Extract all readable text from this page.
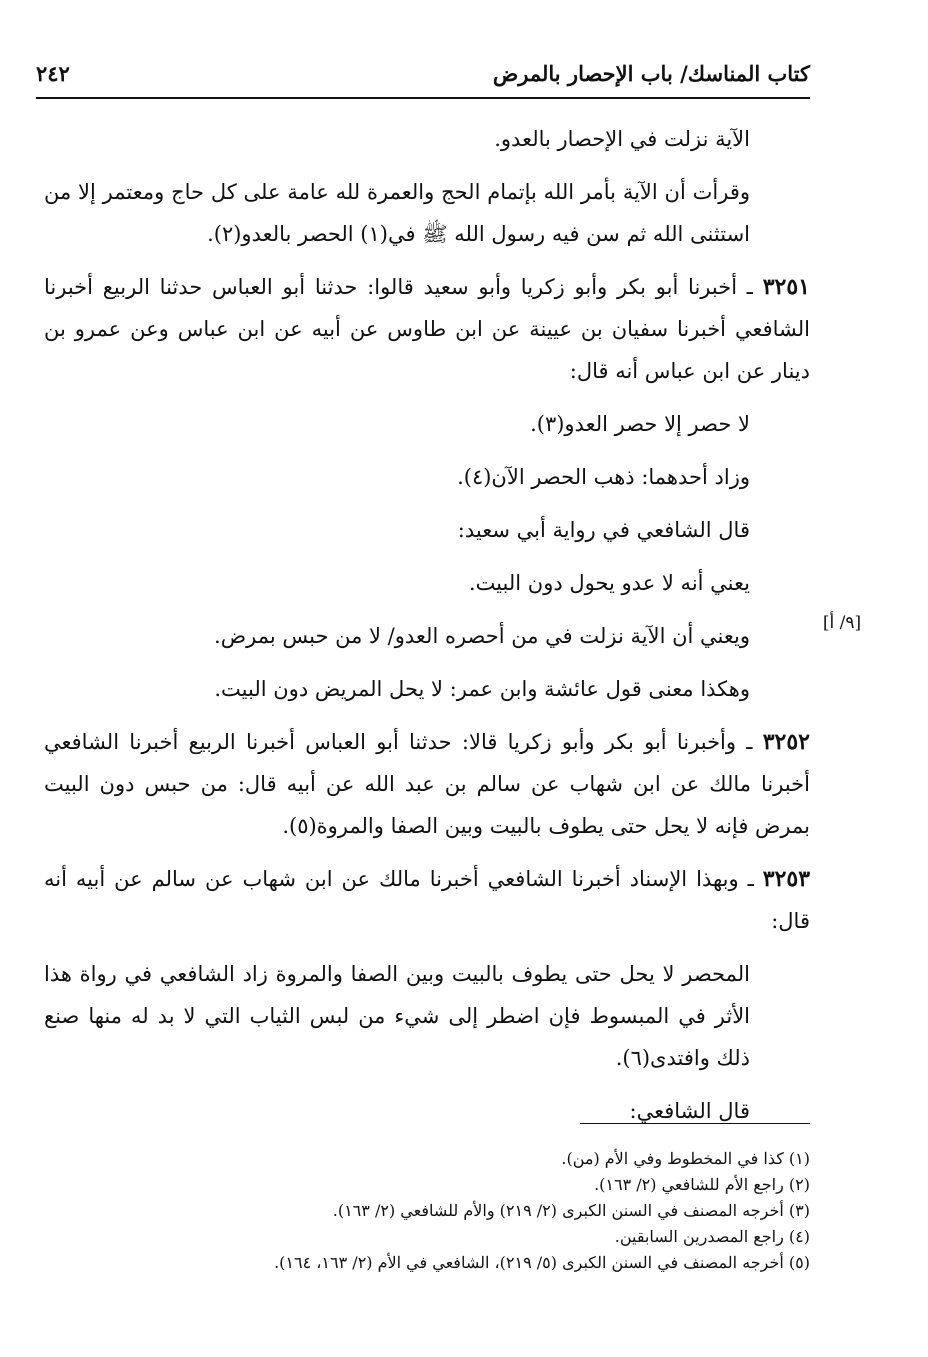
كتاب المناسك/ باب الإحصار بالمرض
٢٤٢
[٩/ أ]

الآية نزلت في الإحصار بالعدو.

وقرأت أن الآية بأمر الله بإتمام الحج والعمرة لله عامة على كل حاج ومعتمر إلا من استثنى الله ثم سن فيه رسول الله ﷺ في(١) الحصر بالعدو(٢).

٣٢٥١ ـ أخبرنا أبو بكر وأبو زكريا وأبو سعيد قالوا: حدثنا أبو العباس حدثنا الربيع أخبرنا الشافعي أخبرنا سفيان بن عيينة عن ابن طاوس عن أبيه عن ابن عباس وعن عمرو بن دينار عن ابن عباس أنه قال:

لا حصر إلا حصر العدو(٣).

وزاد أحدهما: ذهب الحصر الآن(٤).

قال الشافعي في رواية أبي سعيد:

يعني أنه لا عدو يحول دون البيت.

ويعني أن الآية نزلت في من أحصره العدو/ لا من حبس بمرض.

وهكذا معنى قول عائشة وابن عمر: لا يحل المريض دون البيت.

٣٢٥٢ ـ وأخبرنا أبو بكر وأبو زكريا قالا: حدثنا أبو العباس أخبرنا الربيع أخبرنا الشافعي أخبرنا مالك عن ابن شهاب عن سالم بن عبد الله عن أبيه قال: من حبس دون البيت بمرض فإنه لا يحل حتى يطوف بالبيت وبين الصفا والمروة(٥).

٣٢٥٣ ـ وبهذا الإسناد أخبرنا الشافعي أخبرنا مالك عن ابن شهاب عن سالم عن أبيه أنه قال:

المحصر لا يحل حتى يطوف بالبيت وبين الصفا والمروة زاد الشافعي في رواة هذا الأثر في المبسوط فإن اضطر إلى شيء من لبس الثياب التي لا بد له منها صنع ذلك وافتدى(٦).

قال الشافعي:

(١) كذا في المخطوط وفي الأم (من).
(٢) راجع الأم للشافعي (٢/ ١٦٣).
(٣) أخرجه المصنف في السنن الكبرى (٢/ ٢١٩) والأم للشافعي (٢/ ١٦٣).
(٤) راجع المصدرين السابقين.
(٥) أخرجه المصنف في السنن الكبرى (٥/ ٢١٩)، الشافعي في الأم (٢/ ١٦٣، ١٦٤).
